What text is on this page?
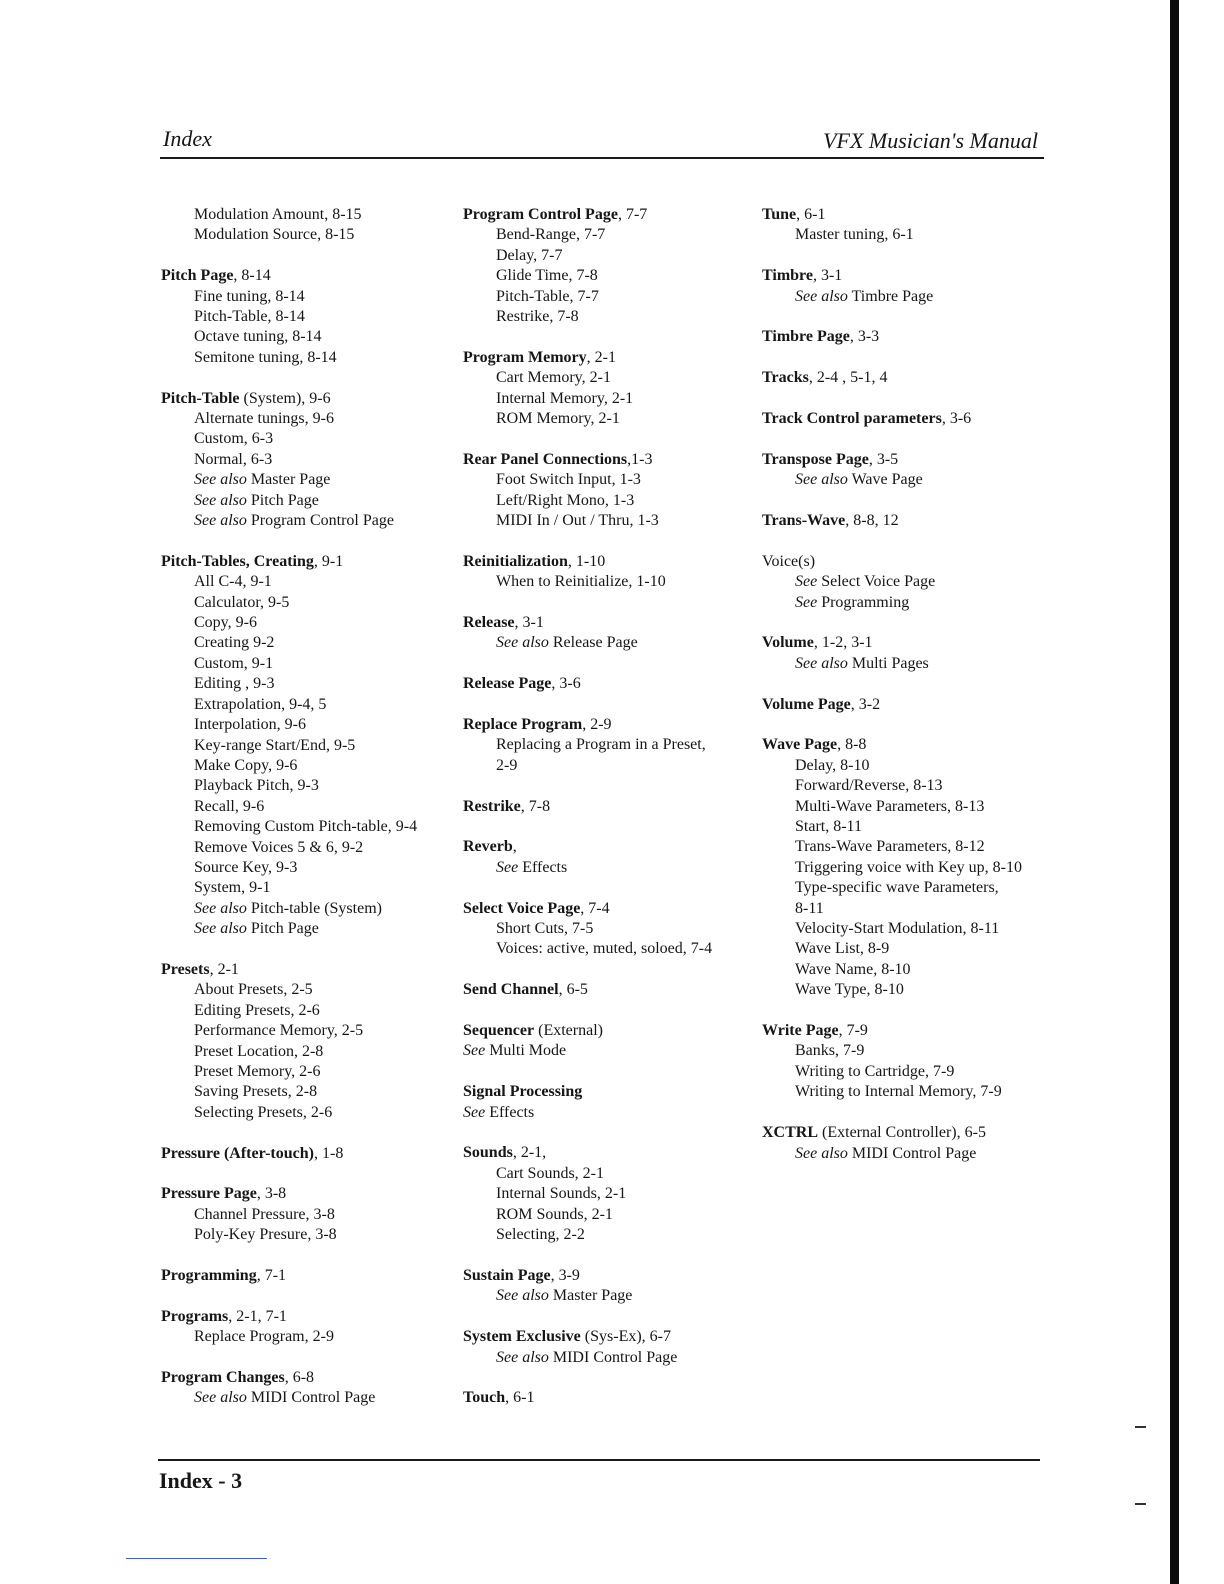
Index	VFX Musician's Manual
Modulation Amount, 8-15
Modulation Source, 8-15
Pitch Page, 8-14
Fine tuning, 8-14
Pitch-Table, 8-14
Octave tuning, 8-14
Semitone tuning, 8-14
Pitch-Table (System), 9-6
Alternate tunings, 9-6
Custom, 6-3
Normal, 6-3
See also Master Page
See also Pitch Page
See also Program Control Page
Pitch-Tables, Creating, 9-1
All C-4, 9-1
Calculator, 9-5
Copy, 9-6
Creating 9-2
Custom, 9-1
Editing , 9-3
Extrapolation, 9-4, 5
Interpolation, 9-6
Key-range Start/End, 9-5
Make Copy, 9-6
Playback Pitch, 9-3
Recall, 9-6
Removing Custom Pitch-table, 9-4
Remove Voices 5 & 6, 9-2
Source Key, 9-3
System, 9-1
See also Pitch-table (System)
See also Pitch Page
Presets, 2-1
About Presets, 2-5
Editing Presets, 2-6
Performance Memory, 2-5
Preset Location, 2-8
Preset Memory, 2-6
Saving Presets, 2-8
Selecting Presets, 2-6
Pressure (After-touch), 1-8
Pressure Page, 3-8
Channel Pressure, 3-8
Poly-Key Presure, 3-8
Programming, 7-1
Programs, 2-1, 7-1
Replace Program, 2-9
Program Changes, 6-8
See also MIDI Control Page
Program Control Page, 7-7
Bend-Range, 7-7
Delay, 7-7
Glide Time, 7-8
Pitch-Table, 7-7
Restrike, 7-8
Program Memory, 2-1
Cart Memory, 2-1
Internal Memory, 2-1
ROM Memory, 2-1
Rear Panel Connections,1-3
Foot Switch Input, 1-3
Left/Right Mono, 1-3
MIDI In / Out / Thru, 1-3
Reinitialization, 1-10
When to Reinitialize, 1-10
Release, 3-1
See also Release Page
Release Page, 3-6
Replace Program, 2-9
Replacing a Program in a Preset,
2-9
Restrike, 7-8
Reverb,
See Effects
Select Voice Page, 7-4
Short Cuts, 7-5
Voices: active, muted, soloed, 7-4
Send Channel, 6-5
Sequencer (External)
See Multi Mode
Signal Processing
See Effects
Sounds, 2-1,
Cart Sounds, 2-1
Internal Sounds, 2-1
ROM Sounds, 2-1
Selecting, 2-2
Sustain Page, 3-9
See also Master Page
System Exclusive (Sys-Ex), 6-7
See also MIDI Control Page
Touch, 6-1
Tune, 6-1
Master tuning, 6-1
Timbre, 3-1
See also Timbre Page
Timbre Page, 3-3
Tracks, 2-4 , 5-1, 4
Track Control parameters, 3-6
Transpose Page, 3-5
See also Wave Page
Trans-Wave, 8-8, 12
Voice(s)
See Select Voice Page
See Programming
Volume, 1-2, 3-1
See also Multi Pages
Volume Page, 3-2
Wave Page, 8-8
Delay, 8-10
Forward/Reverse, 8-13
Multi-Wave Parameters, 8-13
Start, 8-11
Trans-Wave Parameters, 8-12
Triggering voice with Key up, 8-10
Type-specific wave Parameters,
8-11
Velocity-Start Modulation, 8-11
Wave List, 8-9
Wave Name, 8-10
Wave Type, 8-10
Write Page, 7-9
Banks, 7-9
Writing to Cartridge, 7-9
Writing to Internal Memory, 7-9
XCTRL (External Controller), 6-5
See also MIDI Control Page
Index - 3
